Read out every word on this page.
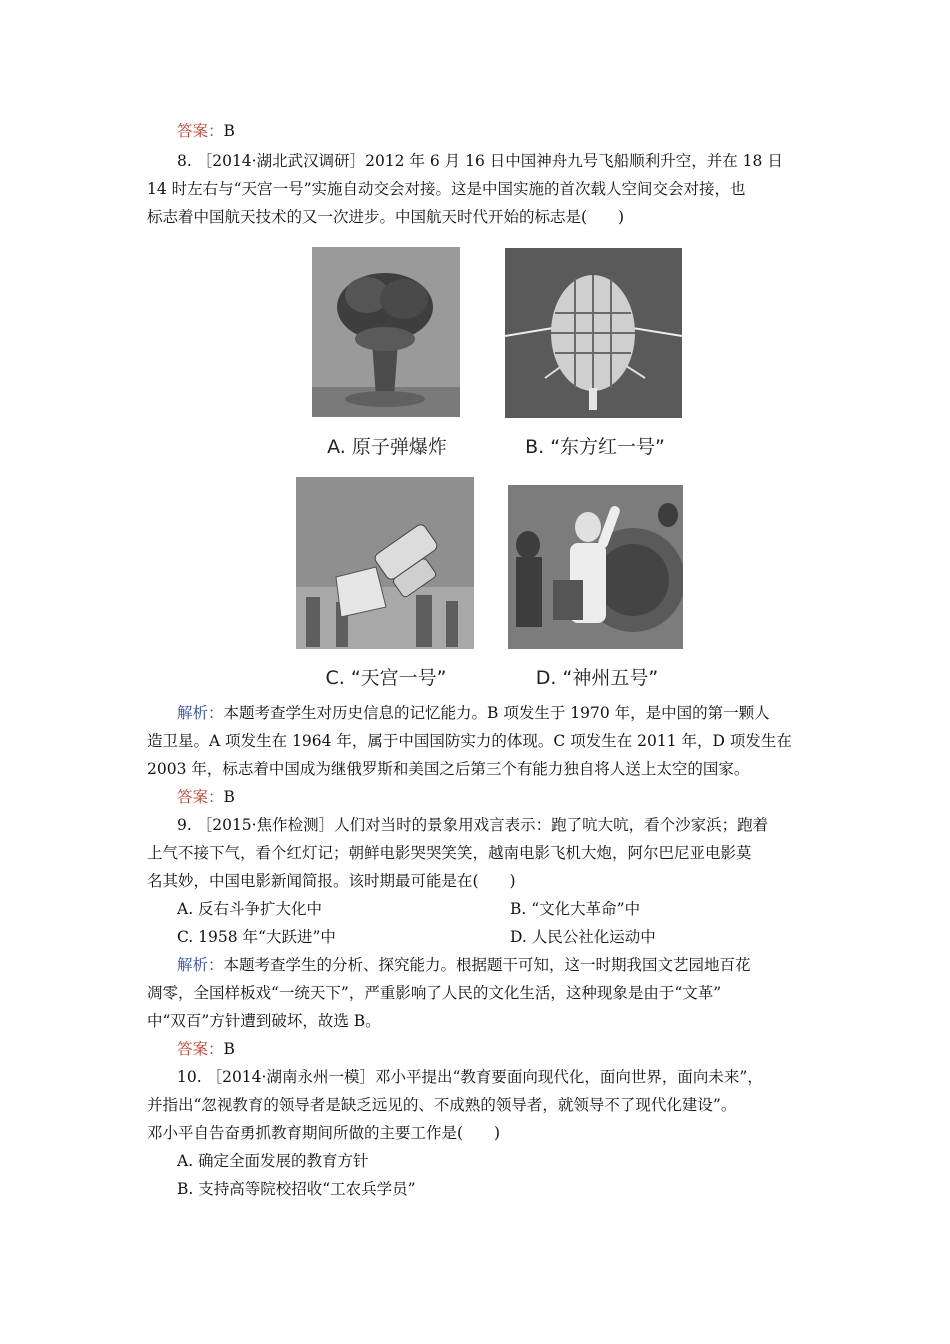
答案：B
8. ［2014·湖北武汉调研］2012 年 6 月 16 日中国神舟九号飞船顺利升空，并在 18 日
14 时左右与“天宫一号”实施自动交会对接。这是中国实施的首次载人空间交会对接，也
标志着中国航天技术的又一次进步。中国航天时代开始的标志是(　　)
A. 原子弹爆炸	B. “东方红一号”
C. “天宫一号”	D. “神州五号”
解析：本题考查学生对历史信息的记忆能力。B 项发生于 1970 年，是中国的第一颗人
造卫星。A 项发生在 1964 年，属于中国国防实力的体现。C 项发生在 2011 年，D 项发生在
2003 年，标志着中国成为继俄罗斯和美国之后第三个有能力独自将人送上太空的国家。
答案：B
9. ［2015·焦作检测］人们对当时的景象用戏言表示：跑了吭大吭，看个沙家浜；跑着
上气不接下气，看个红灯记；朝鲜电影哭哭笑笑，越南电影飞机大炮，阿尔巴尼亚电影莫
名其妙，中国电影新闻简报。该时期最可能是在(　　)
A. 反右斗争扩大化中	B. “文化大革命”中
C. 1958 年“大跃进”中	D. 人民公社化运动中
解析：本题考查学生的分析、探究能力。根据题干可知，这一时期我国文艺园地百花
凋零，全国样板戏“一统天下”，严重影响了人民的文化生活，这种现象是由于“文革”
中“双百”方针遭到破坏，故选 B。
答案：B
10. ［2014·湖南永州一模］邓小平提出“教育要面向现代化，面向世界，面向未来”，
并指出“忽视教育的领导者是缺乏远见的、不成熟的领导者，就领导不了现代化建设”。
邓小平自告奋勇抓教育期间所做的主要工作是(　　)
A. 确定全面发展的教育方针
B. 支持高等院校招收“工农兵学员”
